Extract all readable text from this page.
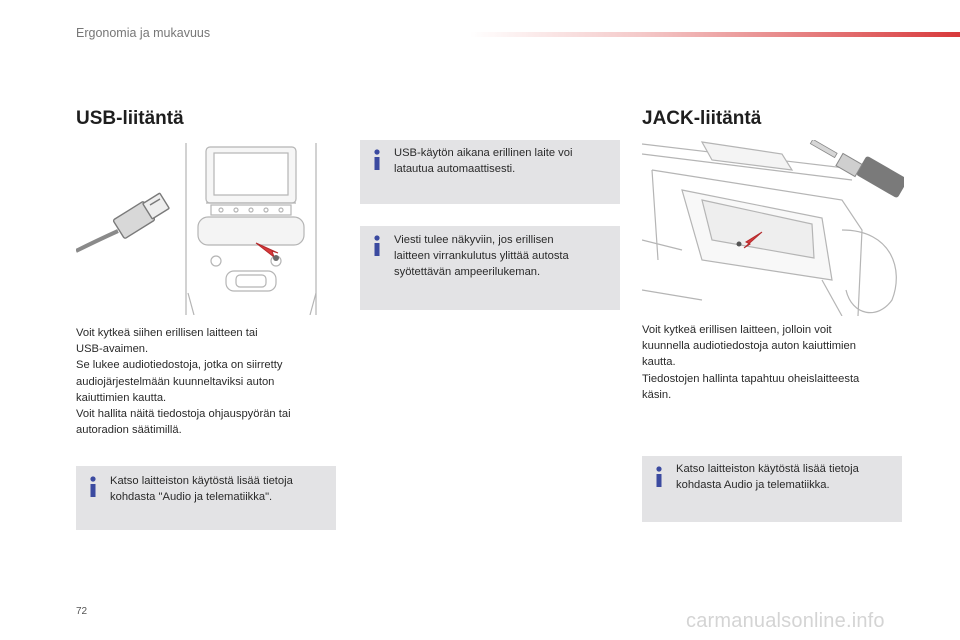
Ergonomia ja mukavuus
USB-liitäntä
Voit kytkeä siihen erillisen laitteen tai
USB-avaimen.
Se lukee audiotiedostoja, jotka on siirretty
audiojärjestelmään kuunneltaviksi auton
kaiuttimien kautta.
Voit hallita näitä tiedostoja ohjauspyörän tai
autoradion säätimillä.
Katso laitteiston käytöstä lisää tietoja
kohdasta "Audio ja telematiikka".
USB-käytön aikana erillinen laite voi
latautua automaattisesti.
Viesti tulee näkyviin, jos erillisen
laitteen virrankulutus ylittää autosta
syötettävän ampeerilukeman.
JACK-liitäntä
Voit kytkeä erillisen laitteen, jolloin voit
kuunnella audiotiedostoja auton kaiuttimien
kautta.
Tiedostojen hallinta tapahtuu oheislaitteesta
käsin.
Katso laitteiston käytöstä lisää tietoja
kohdasta Audio ja telematiikka.
72	carmanualsonline.info
